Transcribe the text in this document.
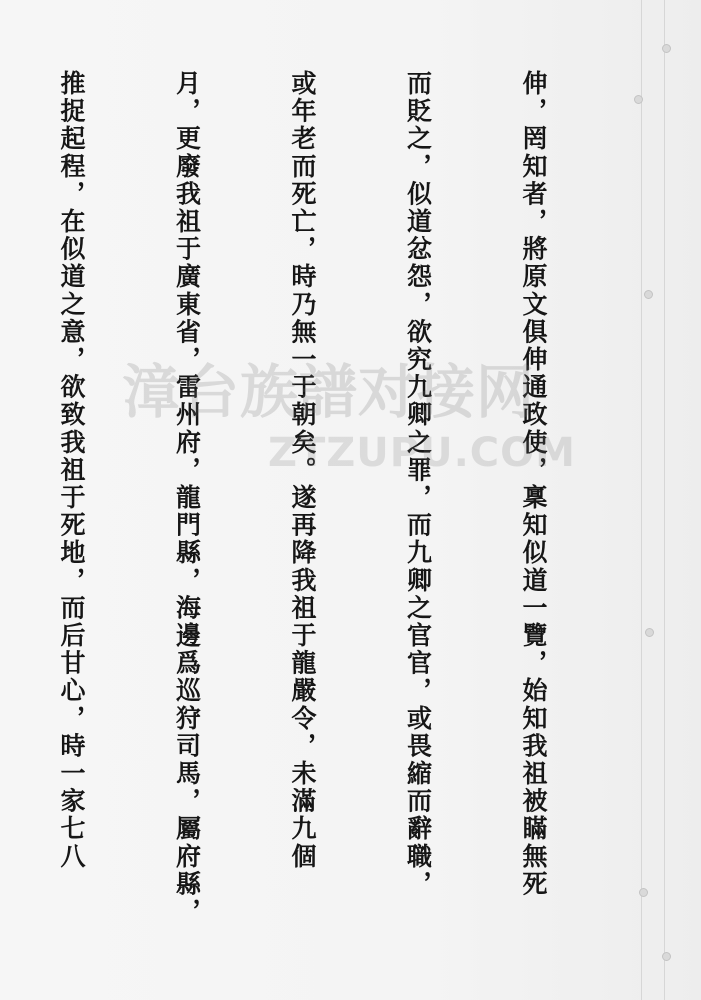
伸，罔知者，將原文俱伸通政使，稟知似道一覽，始知我祖被瞞無死

而貶之，似道忿怨，欲究九卿之罪，而九卿之官官，或畏縮而辭職，

或年老而死亡，時乃無一于朝矣。遂再降我祖于龍嚴令，未滿九個

月，更廢我祖于廣東省，雷州府，龍門縣，海邊爲巡狩司馬，屬府縣，

推捉起程，在似道之意，欲致我祖于死地，而后甘心，時一家七八

漳台族譜对接网
ZTZUPU.COM
